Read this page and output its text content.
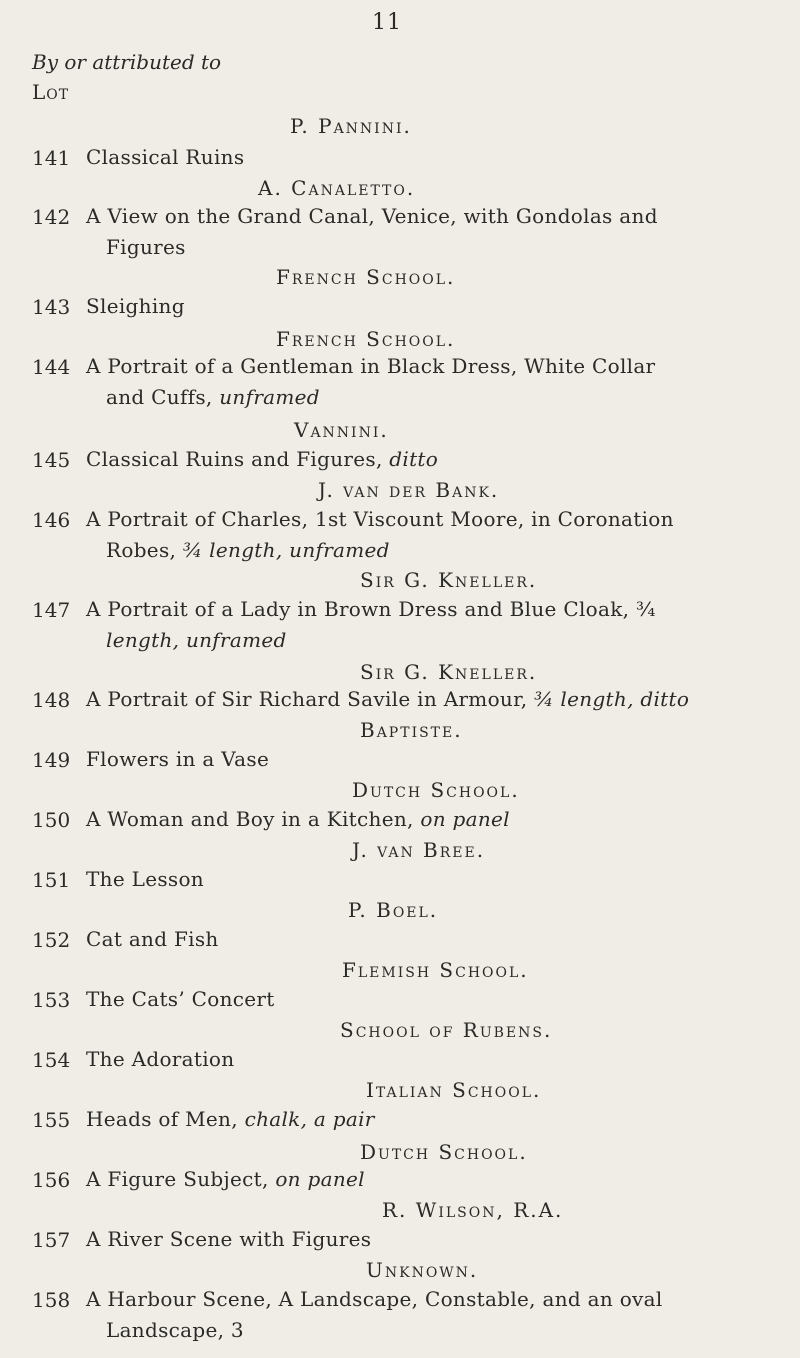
11
By or attributed to
Lot
P. Pannini.
141 Classical Ruins
A. Canaletto.
142 A View on the Grand Canal, Venice, with Gondolas and
Figures
French School.
143 Sleighing
French School.
144 A Portrait of a Gentleman in Black Dress, White Collar
and Cuffs, unframed
Vannini.
145 Classical Ruins and Figures, ditto
J. van der Bank.
146 A Portrait of Charles, 1st Viscount Moore, in Coronation
Robes, ¾ length, unframed
Sir G. Kneller.
147 A Portrait of a Lady in Brown Dress and Blue Cloak, ¾
length, unframed
Sir G. Kneller.
148 A Portrait of Sir Richard Savile in Armour, ¾ length, ditto
Baptiste.
149 Flowers in a Vase
Dutch School.
150 A Woman and Boy in a Kitchen, on panel
J. van Bree.
151 The Lesson
P. Boel.
152 Cat and Fish
Flemish School.
153 The Cats’ Concert
School of Rubens.
154 The Adoration
Italian School.
155 Heads of Men, chalk, a pair
Dutch School.
156 A Figure Subject, on panel
R. Wilson, R.A.
157 A River Scene with Figures
Unknown.
158 A Harbour Scene, A Landscape, Constable, and an oval
Landscape, 3
